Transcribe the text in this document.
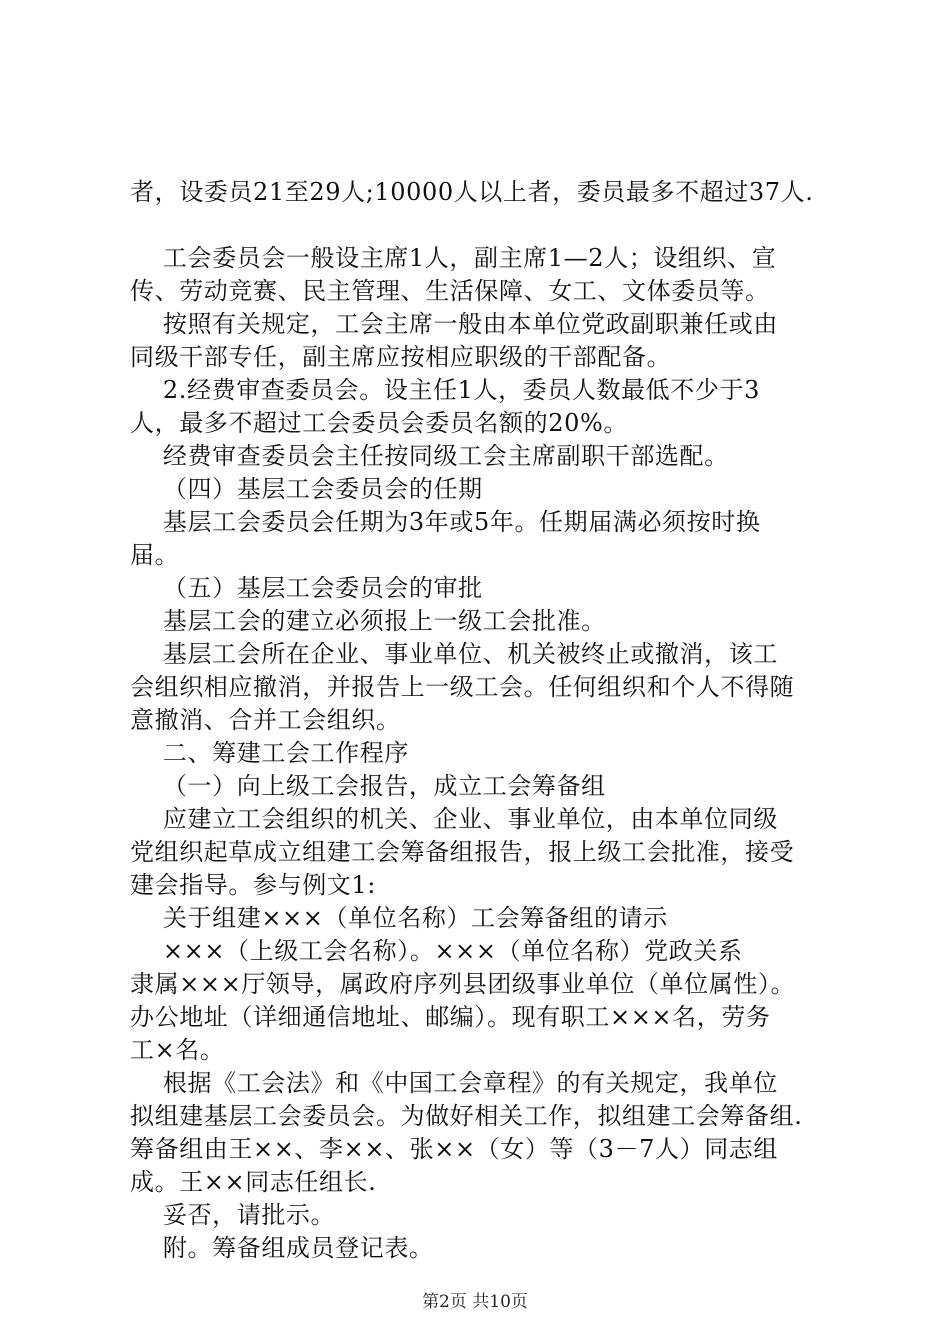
者，设委员21至29人;10000人以上者，委员最多不超过37人.
工会委员会一般设主席1人，副主席1—2人；设组织、宣
传、劳动竞赛、民主管理、生活保障、女工、文体委员等。
按照有关规定，工会主席一般由本单位党政副职兼任或由
同级干部专任，副主席应按相应职级的干部配备。
2.经费审查委员会。设主任1人，委员人数最低不少于3
人，最多不超过工会委员会委员名额的20%。
经费审查委员会主任按同级工会主席副职干部选配。
（四）基层工会委员会的任期
基层工会委员会任期为3年或5年。任期届满必须按时换
届。
（五）基层工会委员会的审批
基层工会的建立必须报上一级工会批准。
基层工会所在企业、事业单位、机关被终止或撤消，该工
会组织相应撤消，并报告上一级工会。任何组织和个人不得随
意撤消、合并工会组织。
二、筹建工会工作程序
（一）向上级工会报告，成立工会筹备组
应建立工会组织的机关、企业、事业单位，由本单位同级
党组织起草成立组建工会筹备组报告，报上级工会批准，接受
建会指导。参与例文1:
关于组建×××（单位名称）工会筹备组的请示
×××（上级工会名称）。×××（单位名称）党政关系
隶属×××厅领导，属政府序列县团级事业单位（单位属性）。
办公地址（详细通信地址、邮编）。现有职工×××名，劳务
工×名。
根据《工会法》和《中国工会章程》的有关规定，我单位
拟组建基层工会委员会。为做好相关工作，拟组建工会筹备组.
筹备组由王××、李××、张××（女）等（3－7人）同志组
成。王××同志任组长.
妥否，请批示。
附。筹备组成员登记表。
第2页 共10页
